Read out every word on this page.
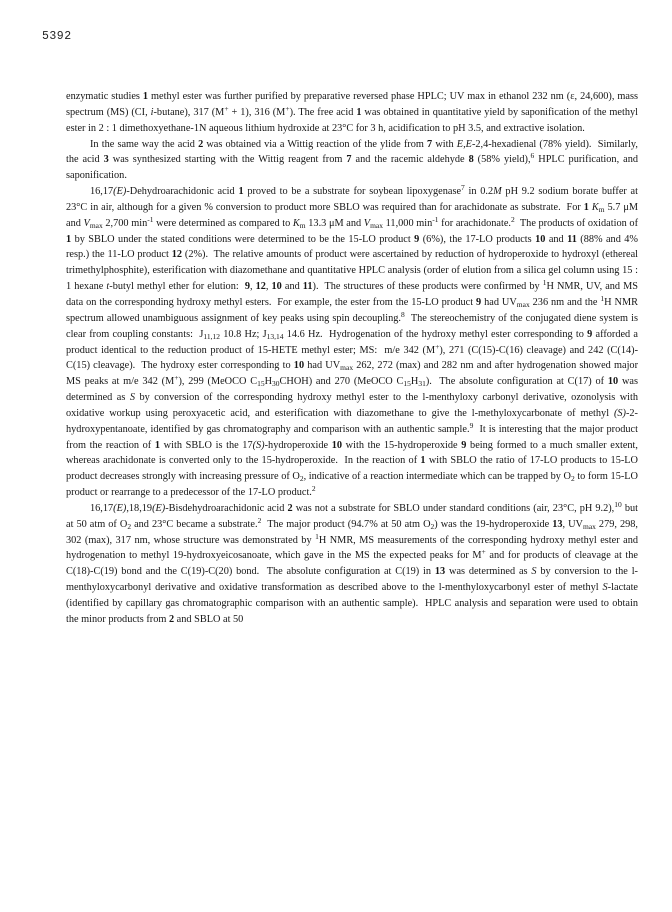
5392

enzymatic studies 1 methyl ester was further purified by preparative reversed phase HPLC; UV max in ethanol 232 nm (ε, 24,600), mass spectrum (MS) (CI, i-butane), 317 (M+ + 1), 316 (M+). The free acid 1 was obtained in quantitative yield by saponification of the methyl ester in 2 : 1 dimethoxyethane-1N aqueous lithium hydroxide at 23°C for 3 h, acidification to pH 3.5, and extractive isolation.

In the same way the acid 2 was obtained via a Wittig reaction of the ylide from 7 with E,E-2,4-hexadienal (78% yield).  Similarly, the acid 3 was synthesized starting with the Wittig reagent from 7 and the racemic aldehyde 8 (58% yield),$^6$ HPLC purification, and saponification.

16,17(E)-Dehydroarachidonic acid 1 proved to be a substrate for soybean lipoxygenase$^7$ in 0.2M pH 9.2 sodium borate buffer at 23°C in air, although for a given % conversion to product more SBLO was required than for arachidonate as substrate.  For 1 $K_m$ 5.7 μM and $V_{max}$ 2,700 $\min^{-1}$ were determined as compared to $K_m$ 13.3 μM and $V_{max}$ 11,000 $\min^{-1}$ for arachidonate.$^2$  The products of oxidation of 1 by SBLO under the stated conditions were determined to be the 15-LO product 9 (6%), the 17-LO products 10 and 11 (88% and 4% resp.) the 11-LO product 12 (2%).  The relative amounts of product were ascertained by reduction of hydroperoxide to hydroxyl (ethereal trimethylphosphite), esterification with diazomethane and quantitative HPLC analysis (order of elution from a silica gel column using 15 : 1 hexane t-butyl methyl ether for elution:  9, 12, 10 and 11).  The structures of these products were confirmed by $^1$H NMR, UV, and MS data on the corresponding hydroxy methyl esters.  For example, the ester from the 15-LO product 9 had $UV_{max}$ 236 nm and the $^1$H NMR spectrum allowed unambiguous assignment of key peaks using spin decoupling.$^8$  The stereochemistry of the conjugated diene system is clear from coupling constants:  $J_{11,12}$ 10.8 Hz; $J_{13,14}$ 14.6 Hz.  Hydrogenation of the hydroxy methyl ester corresponding to 9 afforded a product identical to the reduction product of 15-HETE methyl ester; MS:  m/e 342 (M+), 271 (C(15)-C(16) cleavage) and 242 (C(14)-C(15) cleavage).  The hydroxy ester corresponding to 10 had $UV_{max}$ 262, 272 (max) and 282 nm and after hydrogenation showed major MS peaks at m/e 342 (M+), 299 (MeOCO $C_{15}H_{30}CHOH$) and 270 (MeOCO $C_{15}H_{31}$).  The absolute configuration at C(17) of 10 was determined as S by conversion of the corresponding hydroxy methyl ester to the l-menthyloxy carbonyl derivative, ozonolysis with oxidative workup using peroxyacetic acid, and esterification with diazomethane to give the l-methyloxycarbonate of methyl (S)-2-hydroxypentanoate, identified by gas chromatography and comparison with an authentic sample.$^9$  It is interesting that the major product from the reaction of 1 with SBLO is the 17(S)-hydroperoxide 10 with the 15-hydroperoxide 9 being formed to a much smaller extent, whereas arachidonate is converted only to the 15-hydroperoxide.  In the reaction of 1 with SBLO the ratio of 17-LO products to 15-LO product decreases strongly with increasing pressure of $O_2$, indicative of a reaction intermediate which can be trapped by $O_2$ to form 15-LO product or rearrange to a predecessor of the 17-LO product.$^2$

16,17(E),18,19(E)-Bisdehydroarachidonic acid 2 was not a substrate for SBLO under standard conditions (air, 23°C, pH 9.2),$^{10}$ but at 50 atm of $O_2$ and 23°C became a substrate.$^2$  The major product (94.7% at 50 atm $O_2$) was the 19-hydroperoxide 13, $UV_{max}$ 279, 298, 302 (max), 317 nm, whose structure was demonstrated by $^1$H NMR, MS measurements of the corresponding hydroxy methyl ester and hydrogenation to methyl 19-hydroxyeicosanoate, which gave in the MS the expected peaks for M+ and for products of cleavage at the C(18)-C(19) bond and the C(19)-C(20) bond.  The absolute configuration at C(19) in 13 was determined as S by conversion to the l-menthyloxycarbonyl derivative and oxidative transformation as described above to the l-menthyloxycarbonyl ester of methyl S-lactate (identified by capillary gas chromatographic comparison with an authentic sample).  HPLC analysis and separation were used to obtain the minor products from 2 and SBLO at 50
